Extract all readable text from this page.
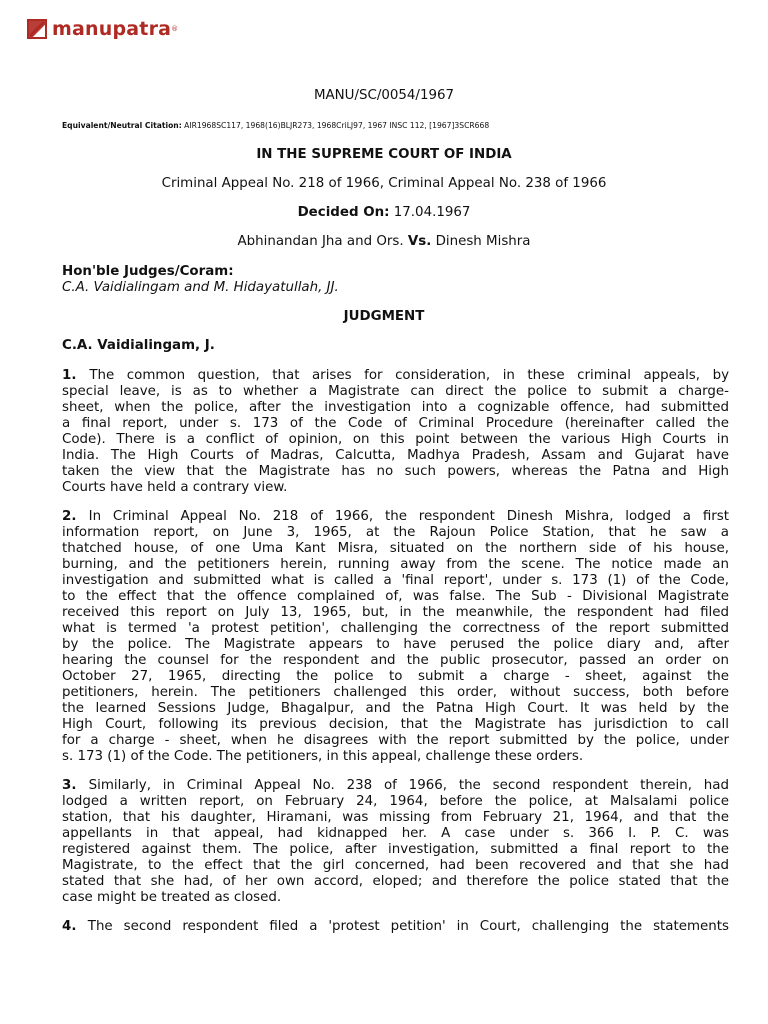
manupatra ®
MANU/SC/0054/1967
Equivalent/Neutral Citation: AIR1968SC117, 1968(16)BLJR273, 1968CriLJ97, 1967 INSC 112, [1967]3SCR668
IN THE SUPREME COURT OF INDIA
Criminal Appeal No. 218 of 1966, Criminal Appeal No. 238 of 1966
Decided On: 17.04.1967
Abhinandan Jha and Ors. Vs. Dinesh Mishra
Hon'ble Judges/Coram:
C.A. Vaidialingam and M. Hidayatullah, JJ.
JUDGMENT
C.A. Vaidialingam, J.
1. The common question, that arises for consideration, in these criminal appeals, by
special leave, is as to whether a Magistrate can direct the police to submit a charge-
sheet, when the police, after the investigation into a cognizable offence, had submitted
a final report, under s. 173 of the Code of Criminal Procedure (hereinafter called the
Code). There is a conflict of opinion, on this point between the various High Courts in
India. The High Courts of Madras, Calcutta, Madhya Pradesh, Assam and Gujarat have
taken the view that the Magistrate has no such powers, whereas the Patna and High
Courts have held a contrary view.
2. In Criminal Appeal No. 218 of 1966, the respondent Dinesh Mishra, lodged a first
information report, on June 3, 1965, at the Rajoun Police Station, that he saw a
thatched house, of one Uma Kant Misra, situated on the northern side of his house,
burning, and the petitioners herein, running away from the scene. The notice made an
investigation and submitted what is called a 'final report', under s. 173 (1) of the Code,
to the effect that the offence complained of, was false. The Sub - Divisional Magistrate
received this report on July 13, 1965, but, in the meanwhile, the respondent had filed
what is termed 'a protest petition', challenging the correctness of the report submitted
by the police. The Magistrate appears to have perused the police diary and, after
hearing the counsel for the respondent and the public prosecutor, passed an order on
October 27, 1965, directing the police to submit a charge - sheet, against the
petitioners, herein. The petitioners challenged this order, without success, both before
the learned Sessions Judge, Bhagalpur, and the Patna High Court. It was held by the
High Court, following its previous decision, that the Magistrate has jurisdiction to call
for a charge - sheet, when he disagrees with the report submitted by the police, under
s. 173 (1) of the Code. The petitioners, in this appeal, challenge these orders.
3. Similarly, in Criminal Appeal No. 238 of 1966, the second respondent therein, had
lodged a written report, on February 24, 1964, before the police, at Malsalami police
station, that his daughter, Hiramani, was missing from February 21, 1964, and that the
appellants in that appeal, had kidnapped her. A case under s. 366 I. P. C. was
registered against them. The police, after investigation, submitted a final report to the
Magistrate, to the effect that the girl concerned, had been recovered and that she had
stated that she had, of her own accord, eloped; and therefore the police stated that the
case might be treated as closed.
4. The second respondent filed a 'protest petition' in Court, challenging the statements
